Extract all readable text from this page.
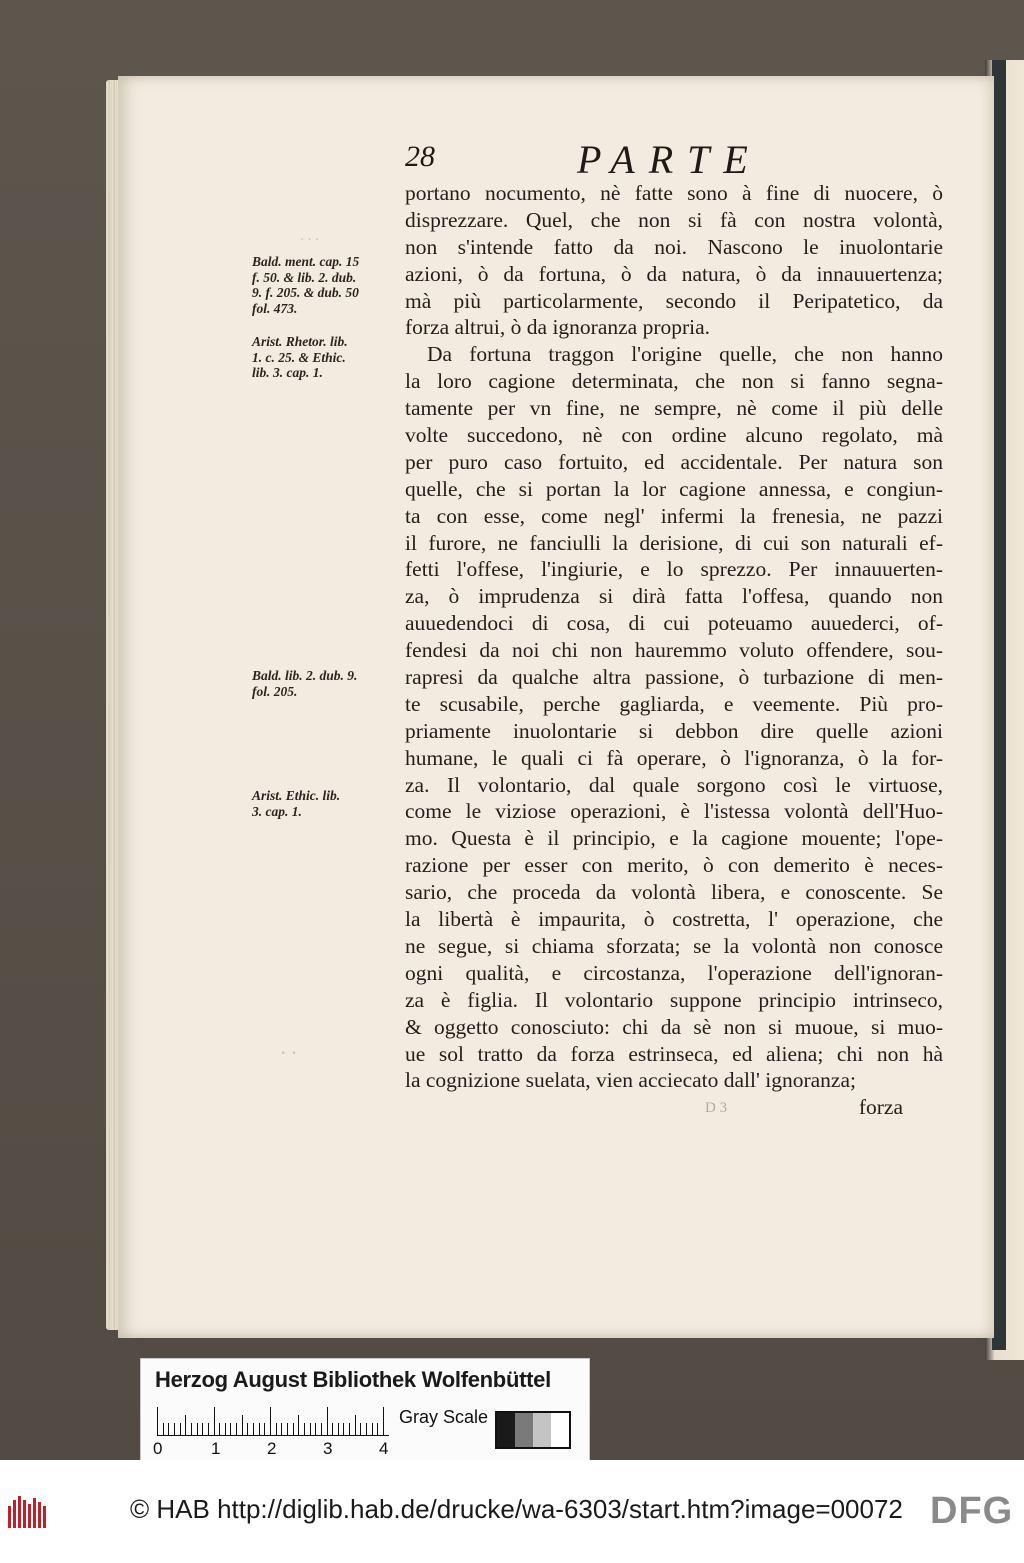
· · ·
· ·
28	PARTE
portano nocumento, nè fatte sono à fine di nuocere, ò
disprezzare. Quel, che non si fà con nostra volontà,
non s'intende fatto da noi. Nascono le inuolontarie
azioni, ò da fortuna, ò da natura, ò da innauuertenza;
mà più particolarmente, secondo il Peripatetico, da
forza altrui, ò da ignoranza propria.
Da fortuna traggon l'origine quelle, che non hanno
la loro cagione determinata, che non si fanno segna-
tamente per vn fine, ne sempre, nè come il più delle
volte succedono, nè con ordine alcuno regolato, mà
per puro caso fortuito, ed accidentale. Per natura son
quelle, che si portan la lor cagione annessa, e congiun-
ta con esse, come negl' infermi la frenesia, ne pazzi
il furore, ne fanciulli la derisione, di cui son naturali ef-
fetti l'offese, l'ingiurie, e lo sprezzo. Per innauuerten-
za, ò imprudenza si dirà fatta l'offesa, quando non
auuedendoci di cosa, di cui poteuamo auuederci, of-
fendesi da noi chi non hauremmo voluto offendere, sou-
rapresi da qualche altra passione, ò turbazione di men-
te scusabile, perche gagliarda, e veemente. Più pro-
priamente inuolontarie si debbon dire quelle azioni
humane, le quali ci fà operare, ò l'ignoranza, ò la for-
za. Il volontario, dal quale sorgono così le virtuose,
come le viziose operazioni, è l'istessa volontà dell'Huo-
mo. Questa è il principio, e la cagione mouente; l'ope-
razione per esser con merito, ò con demerito è neces-
sario, che proceda da volontà libera, e conoscente. Se
la libertà è impaurita, ò costretta, l' operazione, che
ne segue, si chiama sforzata; se la volontà non conosce
ogni qualità, e circostanza, l'operazione dell'ignoran-
za è figlia. Il volontario suppone principio intrinseco,
& oggetto conosciuto: chi da sè non si muoue, si muo-
ue sol tratto da forza estrinseca, ed aliena; chi non hà
la cognizione suelata, vien acciecato dall' ignoranza;
forza
Bald. ment. cap. 15
f. 50. & lib. 2. dub.
9. f. 205. & dub. 50
fol. 473.
Arist. Rhetor. lib.
1. c. 25. & Ethic.
lib. 3. cap. 1.
Bald. lib. 2. dub. 9.
fol. 205.
Arist. Ethic. lib.
3. cap. 1.
D 3
Herzog August Bibliothek Wolfenbüttel
0	1	2	3	4
Gray Scale
© HAB http://diglib.hab.de/drucke/wa-6303/start.htm?image=00072 DFG
